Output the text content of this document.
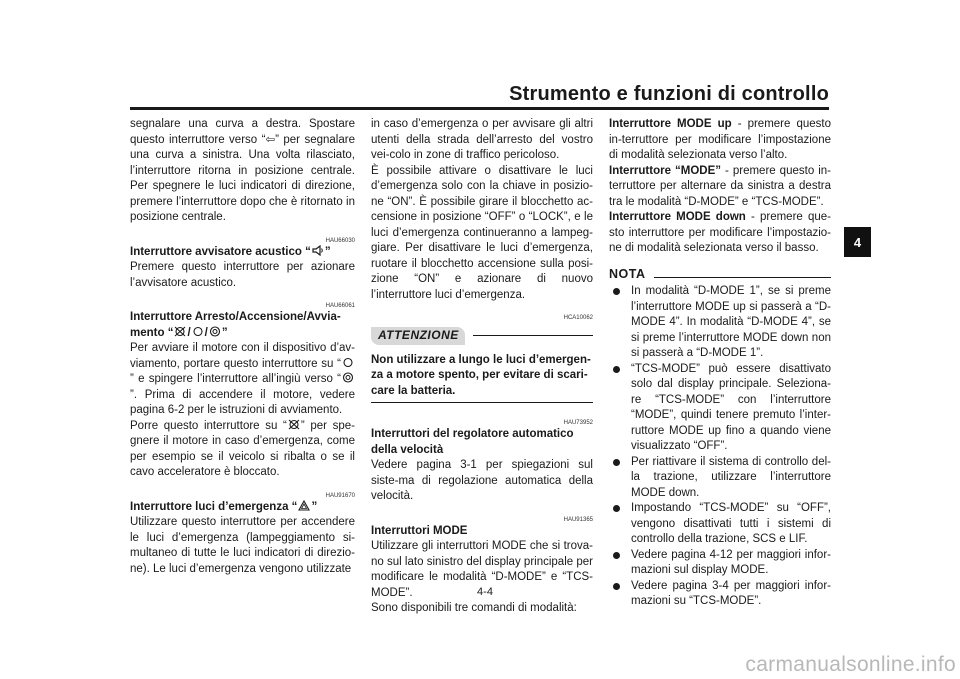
Strumento e funzioni di controllo
4

segnalare una curva a destra. Spostare questo interruttore verso “⇦” per segnalare una curva a sinistra. Una volta rilasciato, l’interruttore ritorna in posizione centrale. Per spegnere le luci indicatori di direzione, premere l’interruttore dopo che è ritornato in posizione centrale.

HAU66030

Interruttore avvisatore acustico “ ”

Premere questo interruttore per azionare l’avvisatore acustico.

HAU66061

Interruttore Arresto/Accensione/Avvia-
mento “ / / ”

Per avviare il motore con il dispositivo d’av-viamento, portare questo interruttore su “
” e spingere l’interruttore all’ingiù verso “
”. Prima di accendere il motore, vedere pagina 6-2 per le istruzioni di avviamento.

Porre questo interruttore su “ ” per spe-gnere il motore in caso d’emergenza, come per esempio se il veicolo si ribalta o se il cavo acceleratore è bloccato.

HAU91670

Interruttore luci d’emergenza “ ”

Utilizzare questo interruttore per accendere le luci d’emergenza (lampeggiamento si-multaneo di tutte le luci indicatori di direzio-ne). Le luci d’emergenza vengono utilizzate

in caso d’emergenza o per avvisare gli altri utenti della strada dell’arresto del vostro vei-colo in zone di traffico pericoloso.

È possibile attivare o disattivare le luci d’emergenza solo con la chiave in posizio-ne “ON”. È possibile girare il blocchetto ac-censione in posizione “OFF” o “LOCK”, e le luci d’emergenza continueranno a lampeg-giare. Per disattivare le luci d’emergenza, ruotare il blocchetto accensione sulla posi-zione “ON” e azionare di nuovo l’interruttore luci d’emergenza.

HCA10062

ATTENZIONE

Non utilizzare a lungo le luci d’emergen-za a motore spento, per evitare di scari-care la batteria.

HAU73952

Interruttori del regolatore automatico della velocità

Vedere pagina 3-1 per spiegazioni sul siste-ma di regolazione automatica della velocità.

HAU91365

Interruttori MODE

Utilizzare gli interruttori MODE che si trova-no sul lato sinistro del display principale per modificare le modalità “D-MODE” e “TCS-MODE”.

Sono disponibili tre comandi di modalità:

Interruttore MODE up - premere questo in-terruttore per modificare l’impostazione di modalità selezionata verso l’alto.

Interruttore “MODE” - premere questo in-terruttore per alternare da sinistra a destra tra le modalità “D-MODE” e “TCS-MODE”.

Interruttore MODE down - premere que-sto interruttore per modificare l’impostazio-ne di modalità selezionata verso il basso.

NOTA
In modalità “D-MODE 1”, se si preme l’interruttore MODE up si passerà a “D-MODE 4”. In modalità “D-MODE 4”, se si preme l’interruttore MODE down non si passerà a “D-MODE 1”.
“TCS-MODE” può essere disattivato solo dal display principale. Seleziona-re “TCS-MODE” con l’interruttore “MODE”, quindi tenere premuto l’inter-ruttore MODE up fino a quando viene visualizzato “OFF”.
Per riattivare il sistema di controllo del-la trazione, utilizzare l’interruttore MODE down.
Impostando “TCS-MODE” su “OFF”, vengono disattivati tutti i sistemi di controllo della trazione, SCS e LIF.
Vedere pagina 4-12 per maggiori infor-mazioni sul display MODE.
Vedere pagina 3-4 per maggiori infor-mazioni su “TCS-MODE”.
4-4
carmanualsonline.info
